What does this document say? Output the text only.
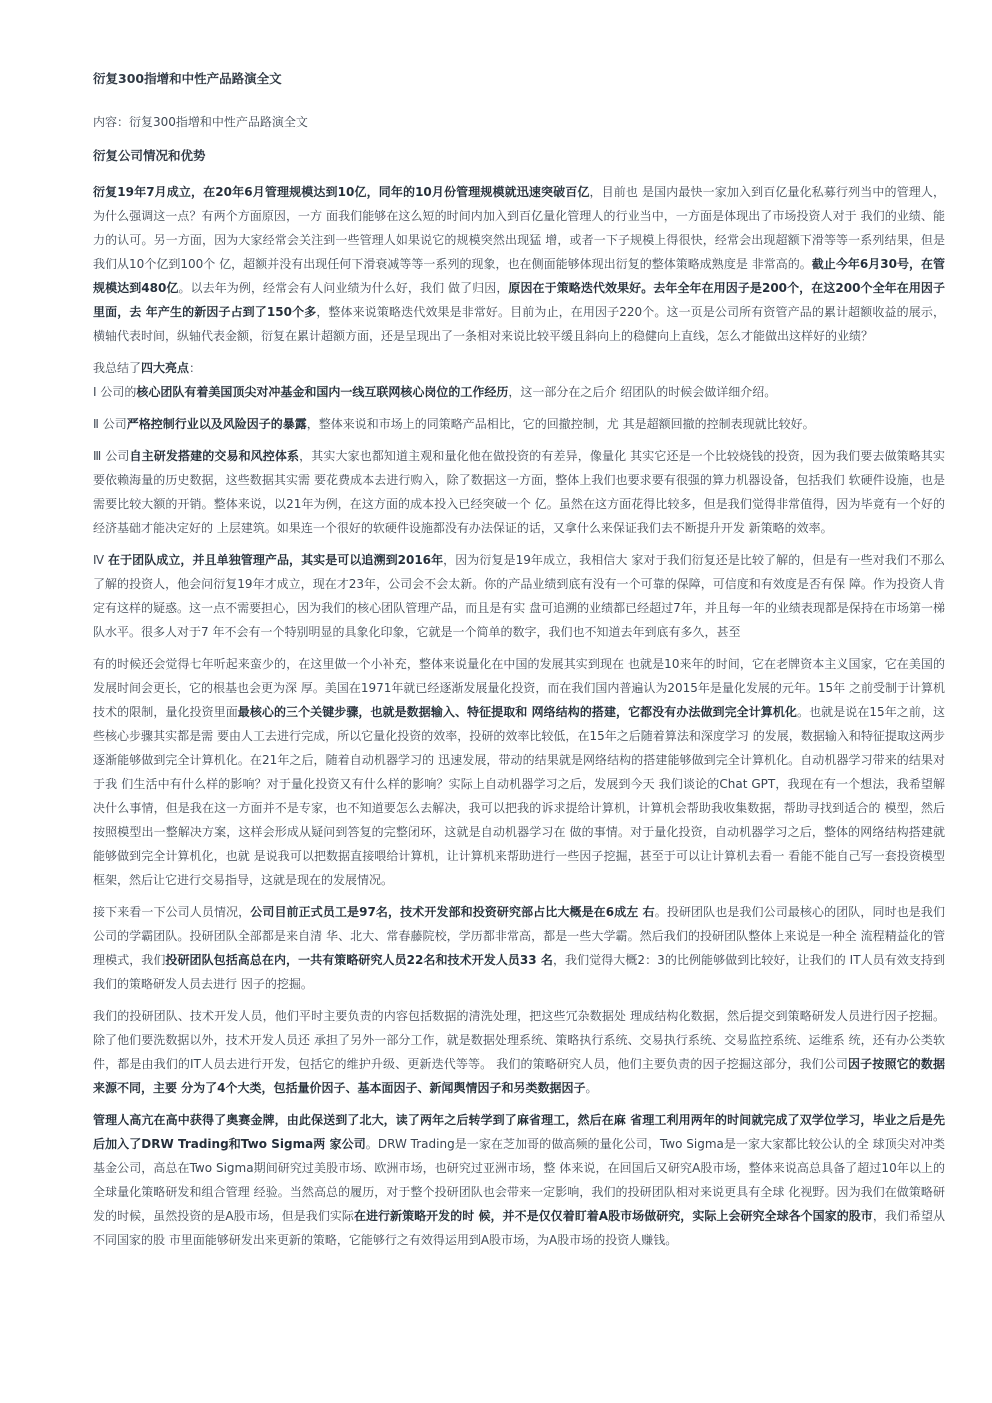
衍复300指增和中性产品路演全文
内容：衍复300指增和中性产品路演全文
衍复公司情况和优势
衍复19年7月成立，在20年6月管理规模达到10亿，同年的10月份管理规模就迅速突破百亿，目前也 是国内最快一家加入到百亿量化私募行列当中的管理人，为什么强调这一点？有两个方面原因，一方 面我们能够在这么短的时间内加入到百亿量化管理人的行业当中，一方面是体现出了市场投资人对于 我们的业绩、能力的认可。另一方面，因为大家经常会关注到一些管理人如果说它的规模突然出现猛 增，或者一下子规模上得很快，经常会出现超额下滑等等一系列结果，但是我们从10个亿到100个 亿，超额并没有出现任何下滑衰减等等一系列的现象，也在侧面能够体现出衍复的整体策略成熟度是 非常高的。截止今年6月30号，在管规模达到480亿。以去年为例，经常会有人问业绩为什么好，我们 做了归因，原因在于策略迭代效果好。去年全年在用因子是200个，在这200个全年在用因子里面，去 年产生的新因子占到了150个多，整体来说策略迭代效果是非常好。目前为止，在用因子220个。这一页是公司所有资管产品的累计超额收益的展示，横轴代表时间，纵轴代表金额，衍复在累计超额方面，还是呈现出了一条相对来说比较平缓且斜向上的稳健向上直线，怎么才能做出这样好的业绩？
我总结了四大亮点：
Ⅰ 公司的核心团队有着美国顶尖对冲基金和国内一线互联网核心岗位的工作经历，这一部分在之后介 绍团队的时候会做详细介绍。
Ⅱ 公司严格控制行业以及风险因子的暴露，整体来说和市场上的同策略产品相比，它的回撤控制，尤 其是超额回撤的控制表现就比较好。
Ⅲ 公司自主研发搭建的交易和风控体系，其实大家也都知道主观和量化他在做投资的有差异，像量化 其实它还是一个比较烧钱的投资，因为我们要去做策略其实要依赖海量的历史数据，这些数据其实需 要花费成本去进行购入，除了数据这一方面，整体上我们也要求要有很强的算力机器设备，包括我们 软硬件设施，也是需要比较大额的开销。整体来说，以21年为例，在这方面的成本投入已经突破一个 亿。虽然在这方面花得比较多，但是我们觉得非常值得，因为毕竟有一个好的经济基础才能决定好的 上层建筑。如果连一个很好的软硬件设施都没有办法保证的话，又拿什么来保证我们去不断提升开发 新策略的效率。
Ⅳ 在于团队成立，并且单独管理产品，其实是可以追溯到2016年，因为衍复是19年成立，我相信大 家对于我们衍复还是比较了解的，但是有一些对我们不那么了解的投资人，他会问衍复19年才成立，现在才23年，公司会不会太新。你的产品业绩到底有没有一个可靠的保障，可信度和有效度是否有保 障。作为投资人肯定有这样的疑惑。这一点不需要担心，因为我们的核心团队管理产品，而且是有实 盘可追溯的业绩都已经超过7年，并且每一年的业绩表现都是保持在市场第一梯队水平。很多人对于7 年不会有一个特别明显的具象化印象，它就是一个简单的数字，我们也不知道去年到底有多久，甚至
有的时候还会觉得七年听起来蛮少的，在这里做一个小补充，整体来说量化在中国的发展其实到现在 也就是10来年的时间，它在老牌资本主义国家，它在美国的发展时间会更长，它的根基也会更为深 厚。美国在1971年就已经逐渐发展量化投资，而在我们国内普遍认为2015年是量化发展的元年。15年 之前受制于计算机技术的限制，量化投资里面最核心的三个关键步骤，也就是数据输入、特征提取和 网络结构的搭建，它都没有办法做到完全计算机化。也就是说在15年之前，这些核心步骤其实都是需 要由人工去进行完成，所以它量化投资的效率，投研的效率比较低，在15年之后随着算法和深度学习 的发展，数据输入和特征提取这两步逐渐能够做到完全计算机化。在21年之后，随着自动机器学习的 迅速发展，带动的结果就是网络结构的搭建能够做到完全计算机化。自动机器学习带来的结果对于我 们生活中有什么样的影响？对于量化投资又有什么样的影响？实际上自动机器学习之后，发展到今天 我们谈论的Chat GPT，我现在有一个想法，我希望解决什么事情，但是我在这一方面并不是专家，也不知道要怎么去解决，我可以把我的诉求提给计算机，计算机会帮助我收集数据，帮助寻找到适合的 模型，然后按照模型出一整解决方案，这样会形成从疑问到答复的完整闭环，这就是自动机器学习在 做的事情。对于量化投资，自动机器学习之后，整体的网络结构搭建就能够做到完全计算机化，也就 是说我可以把数据直接喂给计算机，让计算机来帮助进行一些因子挖掘，甚至于可以让计算机去看一 看能不能自己写一套投资模型框架，然后让它进行交易指导，这就是现在的发展情况。
接下来看一下公司人员情况，公司目前正式员工是97名，技术开发部和投资研究部占比大概是在6成左 右。投研团队也是我们公司最核心的团队，同时也是我们公司的学霸团队。投研团队全部都是来自清 华、北大、常春藤院校，学历都非常高，都是一些大学霸。然后我们的投研团队整体上来说是一种全 流程精益化的管理模式，我们投研团队包括高总在内，一共有策略研究人员22名和技术开发人员33 名，我们觉得大概2：3的比例能够做到比较好，让我们的 IT人员有效支持到我们的策略研发人员去进行 因子的挖掘。
我们的投研团队、技术开发人员，他们平时主要负责的内容包括数据的清洗处理，把这些冗杂数据处 理成结构化数据，然后提交到策略研发人员进行因子挖掘。除了他们要洗数据以外，技术开发人员还 承担了另外一部分工作，就是数据处理系统、策略执行系统、交易执行系统、交易监控系统、运维系 统，还有办公类软件，都是由我们的IT人员去进行开发，包括它的维护升级、更新迭代等等。 我们的策略研究人员，他们主要负责的因子挖掘这部分，我们公司因子按照它的数据来源不同，主要 分为了4个大类，包括量价因子、基本面因子、新闻舆情因子和另类数据因子。
管理人高亢在高中获得了奥赛金牌，由此保送到了北大，读了两年之后转学到了麻省理工，然后在麻 省理工利用两年的时间就完成了双学位学习，毕业之后是先后加入了DRW Trading和Two Sigma两 家公司。DRW Trading是一家在芝加哥的做高频的量化公司，Two Sigma是一家大家都比较公认的全 球顶尖对冲类基金公司，高总在Two Sigma期间研究过美股市场、欧洲市场，也研究过亚洲市场，整 体来说，在回国后又研究A股市场，整体来说高总具备了超过10年以上的全球量化策略研发和组合管理 经验。当然高总的履历，对于整个投研团队也会带来一定影响，我们的投研团队相对来说更具有全球 化视野。因为我们在做策略研发的时候，虽然投资的是A股市场，但是我们实际在进行新策略开发的时 候，并不是仅仅着盯着A股市场做研究，实际上会研究全球各个国家的股市，我们希望从不同国家的股 市里面能够研发出来更新的策略，它能够行之有效得运用到A股市场，为A股市场的投资人赚钱。
